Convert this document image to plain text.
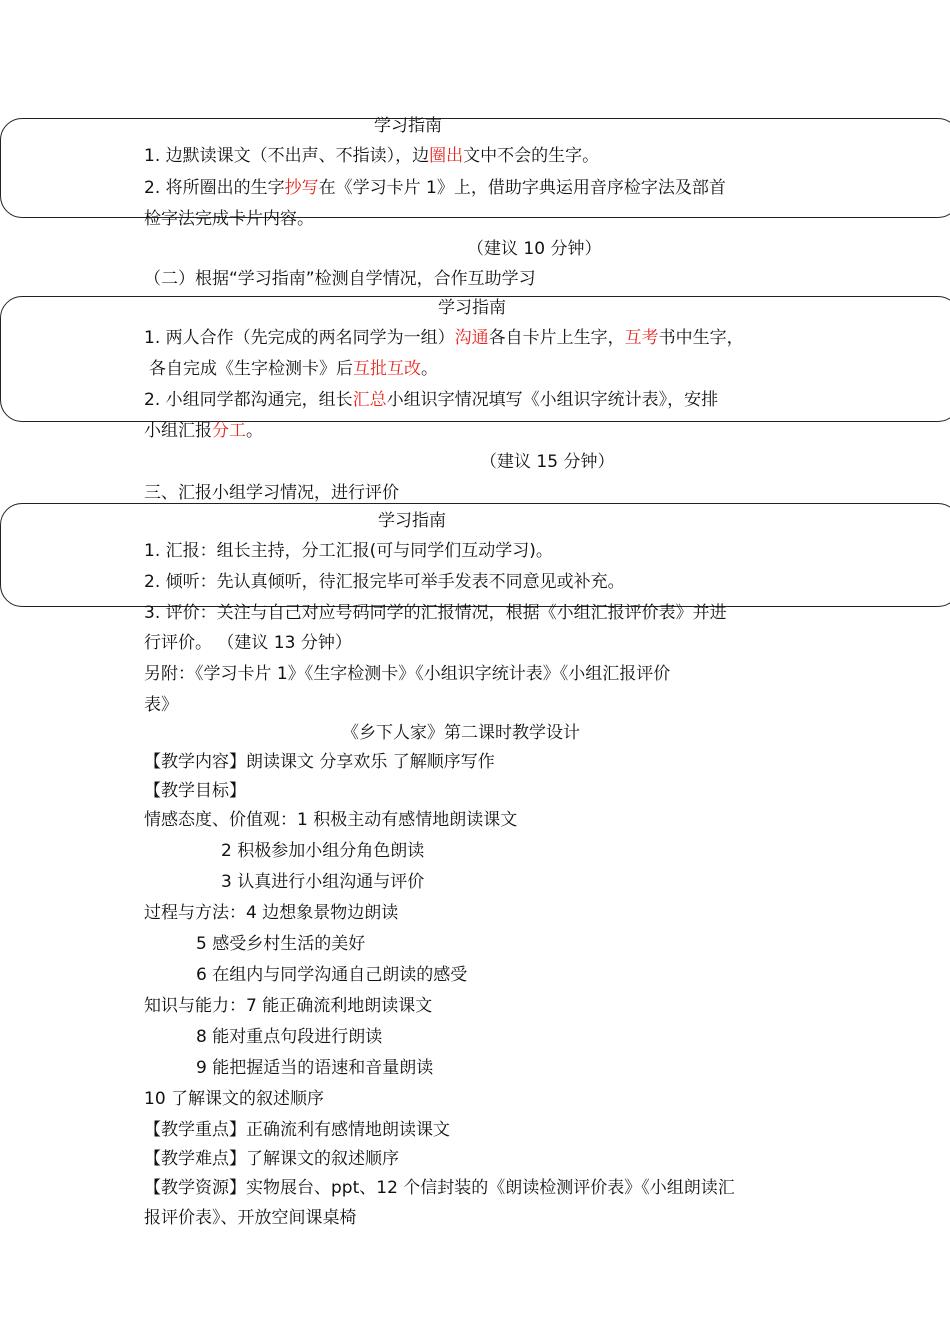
学习指南
1. 边默读课文（不出声、不指读），边圈出文中不会的生字。
2. 将所圈出的生字抄写在《学习卡片 1》上，借助字典运用音序检字法及部首
检字法完成卡片内容。
（建议 10 分钟）
（二）根据“学习指南”检测自学情况，合作互助学习
学习指南
1. 两人合作（先完成的两名同学为一组）沟通各自卡片上生字，互考书中生字，
各自完成《生字检测卡》后互批互改。
2. 小组同学都沟通完，组长汇总小组识字情况填写《小组识字统计表》，安排
小组汇报分工。
（建议 15 分钟）
三、汇报小组学习情况，进行评价
学习指南
1. 汇报：组长主持，分工汇报(可与同学们互动学习)。
2. 倾听：先认真倾听，待汇报完毕可举手发表不同意见或补充。
3. 评价：关注与自己对应号码同学的汇报情况，根据《小组汇报评价表》并进
行评价。 （建议 13 分钟）
另附：《学习卡片 1》《生字检测卡》《小组识字统计表》《小组汇报评价
表》
《乡下人家》第二课时教学设计
【教学内容】朗读课文 分享欢乐 了解顺序写作
【教学目标】
情感态度、价值观：1 积极主动有感情地朗读课文
2 积极参加小组分角色朗读
3 认真进行小组沟通与评价
过程与方法：4 边想象景物边朗读
5 感受乡村生活的美好
6 在组内与同学沟通自己朗读的感受
知识与能力：7 能正确流利地朗读课文
8 能对重点句段进行朗读
9 能把握适当的语速和音量朗读
10 了解课文的叙述顺序
【教学重点】正确流利有感情地朗读课文
【教学难点】了解课文的叙述顺序
【教学资源】实物展台、ppt、12 个信封装的《朗读检测评价表》《小组朗读汇
报评价表》、开放空间课桌椅
